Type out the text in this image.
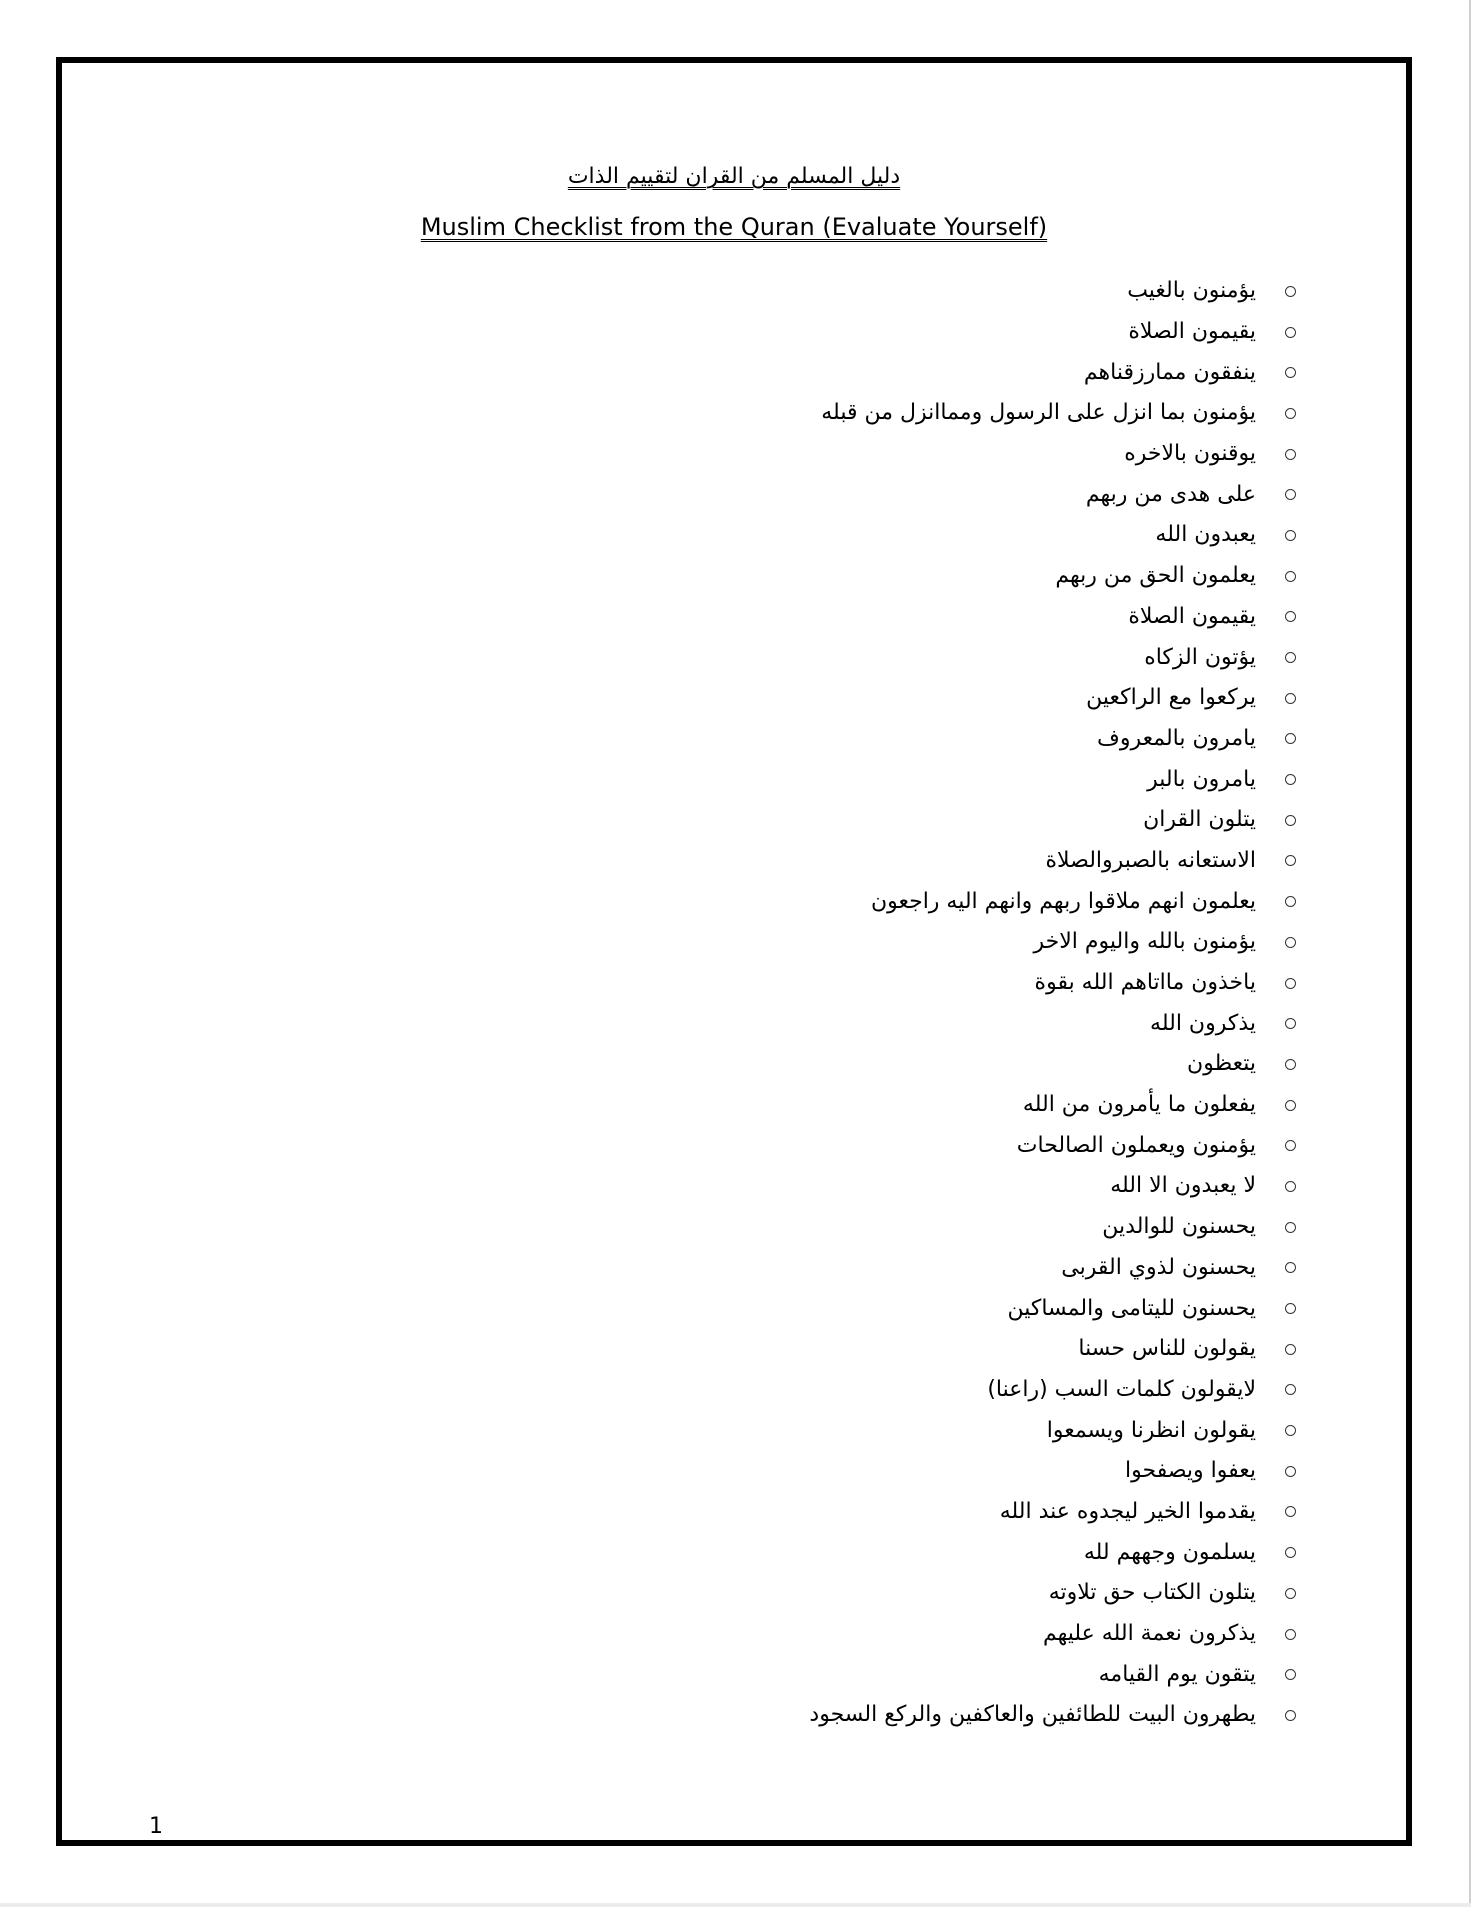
دليل المسلم من القران لتقييم الذات
Muslim Checklist from the Quran (Evaluate Yourself)
يؤمنون بالغيب
يقيمون الصلاة
ينفقون ممارزقناهم
يؤمنون بما انزل على الرسول ومماانزل من قبله
يوقنون بالاخره
على هدى من ربهم
يعبدون الله
يعلمون الحق من ربهم
يقيمون الصلاة
يؤتون الزكاه
يركعوا مع الراكعين
يامرون بالمعروف
يامرون بالبر
يتلون القران
الاستعانه بالصبروالصلاة
يعلمون انهم ملاقوا ربهم وانهم اليه راجعون
يؤمنون بالله واليوم الاخر
ياخذون مااتاهم الله بقوة
يذكرون الله
يتعظون
يفعلون ما يأمرون من الله
يؤمنون ويعملون الصالحات
لا يعبدون الا الله
يحسنون للوالدين
يحسنون لذوي القربى
يحسنون لليتامى والمساكين
يقولون للناس حسنا
لايقولون كلمات السب (راعنا)
يقولون انظرنا ويسمعوا
يعفوا ويصفحوا
يقدموا الخير ليجدوه عند الله
يسلمون وجههم لله
يتلون الكتاب حق تلاوته
يذكرون نعمة الله عليهم
يتقون يوم القيامه
يطهرون البيت للطائفين والعاكفين والركع السجود
1
